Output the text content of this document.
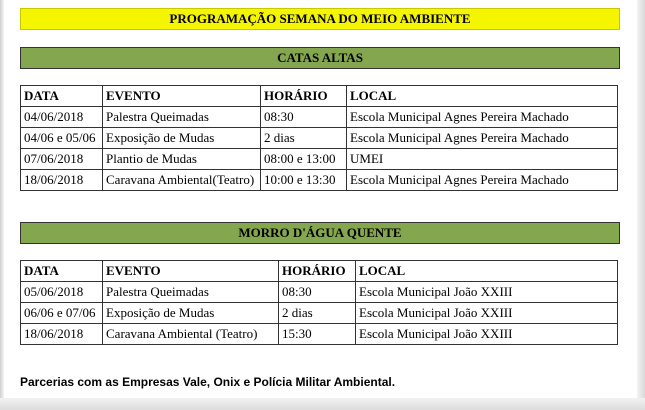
PROGRAMAÇÃO SEMANA DO MEIO AMBIENTE
CATAS ALTAS
DATA	EVENTO	HORÁRIO	LOCAL
04/06/2018	Palestra Queimadas	08:30	Escola Municipal Agnes Pereira Machado
04/06 e 05/06	Exposição de Mudas	2 dias	Escola Municipal Agnes Pereira Machado
07/06/2018	Plantio de Mudas	08:00 e 13:00	UMEI
18/06/2018	Caravana Ambiental(Teatro)	10:00 e 13:30	Escola Municipal Agnes Pereira Machado
MORRO D'ÁGUA QUENTE
DATA	EVENTO	HORÁRIO	LOCAL
05/06/2018	Palestra Queimadas	08:30	Escola Municipal João XXIII
06/06 e 07/06	Exposição de Mudas	2 dias	Escola Municipal João XXIII
18/06/2018	Caravana Ambiental (Teatro)	15:30	Escola Municipal João XXIII
Parcerias com as Empresas Vale, Onix e Polícia Militar Ambiental.
